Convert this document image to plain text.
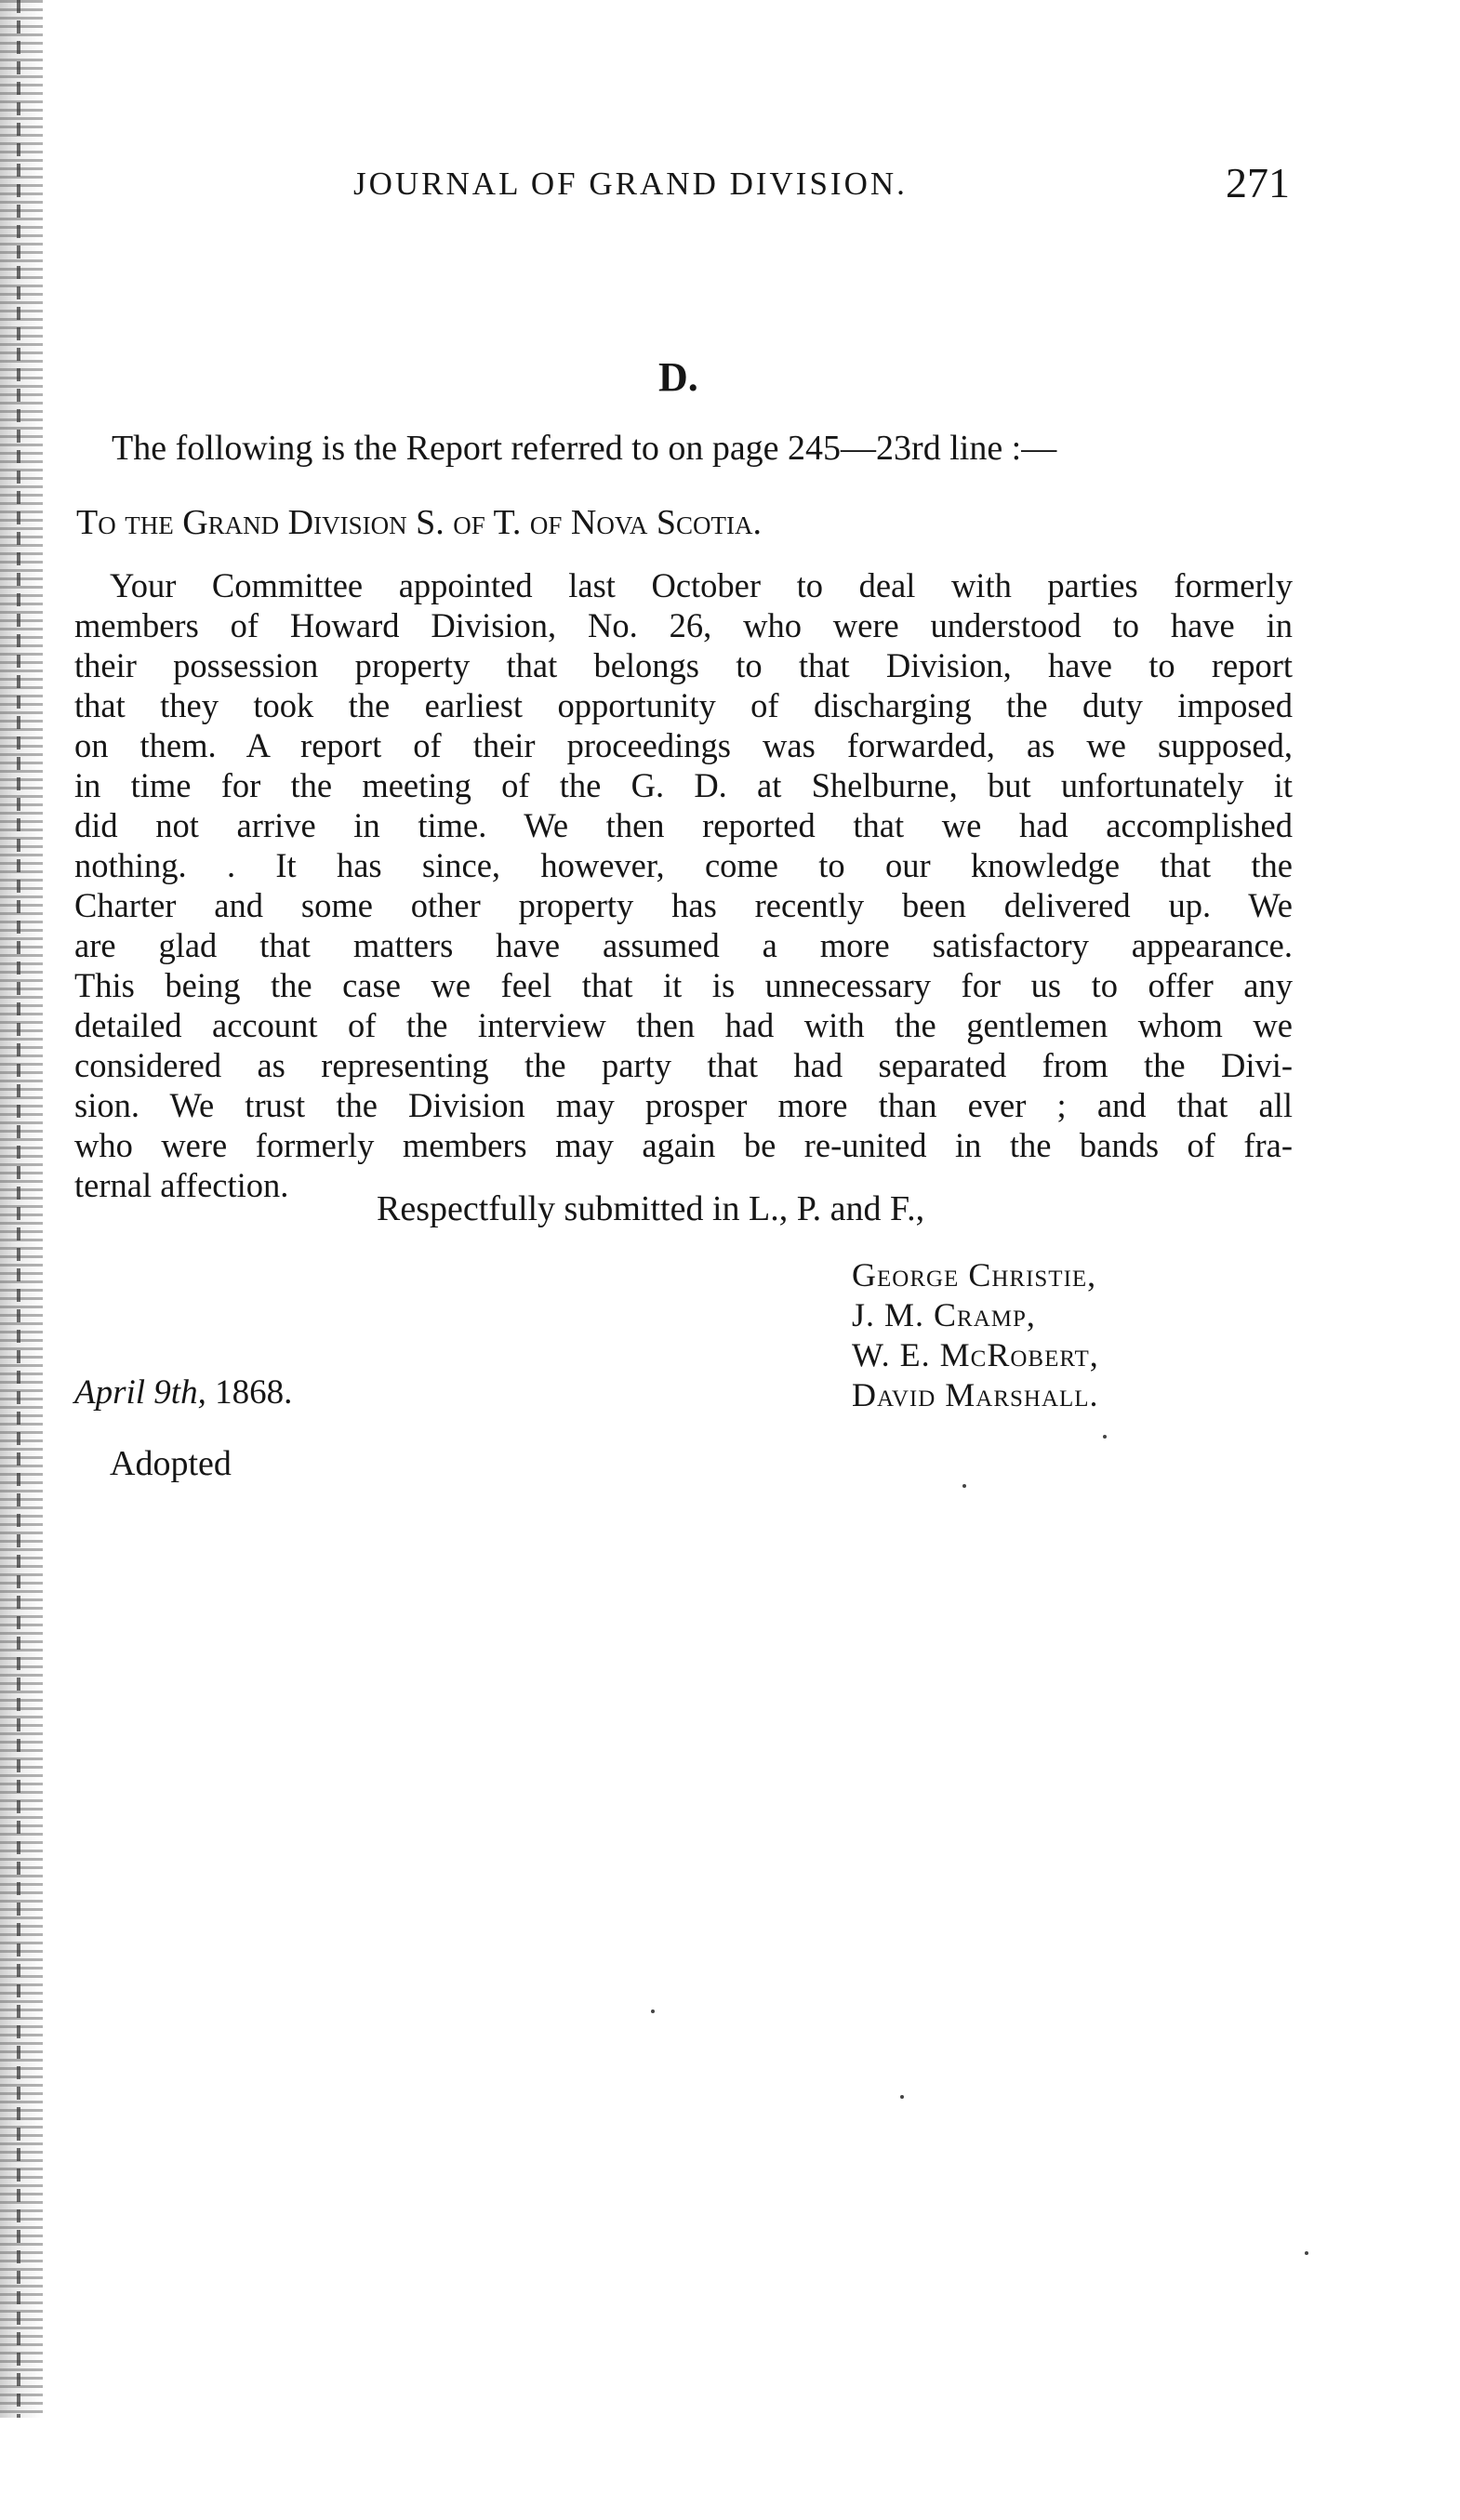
JOURNAL OF GRAND DIVISION.	271
D.
The following is the Report referred to on page 245—23rd line :—
To the Grand Division S. of T. of Nova Scotia.
Your Committee appointed last October to deal with parties formerly
members of Howard Division, No. 26, who were understood to have in
their possession property that belongs to that Division, have to report
that they took the earliest opportunity of discharging the duty imposed
on them. A report of their proceedings was forwarded, as we supposed,
in time for the meeting of the G. D. at Shelburne, but unfortunately it
did not arrive in time. We then reported that we had accomplished
nothing. . It has since, however, come to our knowledge that the
Charter and some other property has recently been delivered up. We
are glad that matters have assumed a more satisfactory appearance.
This being the case we feel that it is unnecessary for us to offer any
detailed account of the interview then had with the gentlemen whom we
considered as representing the party that had separated from the Divi-
sion. We trust the Division may prosper more than ever ; and that all
who were formerly members may again be re-united in the bands of fra-
ternal affection.
Respectfully submitted in L., P. and F.,
George Christie,
J. M. Cramp,
W. E. McRobert,
David Marshall.
April 9th, 1868.
Adopted
